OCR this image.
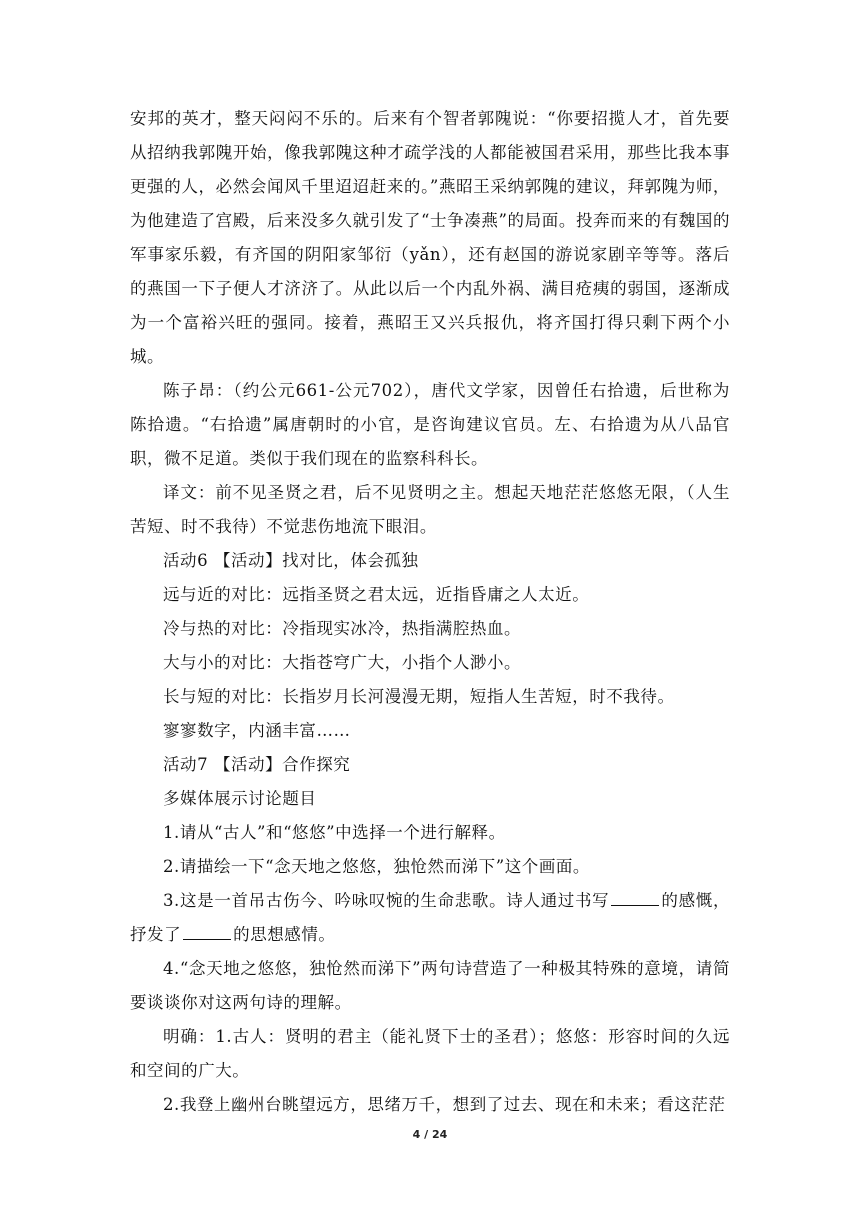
安邦的英才，整天闷闷不乐的。后来有个智者郭隗说：“你要招揽人才，首先要从招纳我郭隗开始，像我郭隗这种才疏学浅的人都能被国君采用，那些比我本事更强的人，必然会闻风千里迢迢赶来的。”燕昭王采纳郭隗的建议，拜郭隗为师，为他建造了宫殿，后来没多久就引发了“士争凑燕”的局面。投奔而来的有魏国的军事家乐毅，有齐国的阴阳家邹衍（yǎn），还有赵国的游说家剧辛等等。落后的燕国一下子便人才济济了。从此以后一个内乱外祸、满目疮痍的弱国，逐渐成为一个富裕兴旺的强同。接着，燕昭王又兴兵报仇，将齐国打得只剩下两个小城。

陈子昂：（约公元661-公元702），唐代文学家，因曾任右拾遗，后世称为陈拾遗。“右拾遗”属唐朝时的小官，是咨询建议官员。左、右拾遗为从八品官职，微不足道。类似于我们现在的监察科科长。

译文：前不见圣贤之君，后不见贤明之主。想起天地茫茫悠悠无限，（人生苦短、时不我待）不觉悲伤地流下眼泪。

活动6 【活动】找对比，体会孤独

远与近的对比：远指圣贤之君太远，近指昏庸之人太近。

冷与热的对比：冷指现实冰冷，热指满腔热血。

大与小的对比：大指苍穹广大，小指个人渺小。

长与短的对比：长指岁月长河漫漫无期，短指人生苦短，时不我待。

寥寥数字，内涵丰富……

活动7 【活动】合作探究

多媒体展示讨论题目

1.请从“古人”和“悠悠”中选择一个进行解释。

2.请描绘一下“念天地之悠悠，独怆然而涕下”这个画面。

3.这是一首吊古伤今、吟咏叹惋的生命悲歌。诗人通过书写	的感慨，抒发了	的思想感情。

4.“念天地之悠悠，独怆然而涕下”两句诗营造了一种极其特殊的意境，请简要谈谈你对这两句诗的理解。

明确：1.古人：贤明的君主（能礼贤下士的圣君）；悠悠：形容时间的久远和空间的广大。

2.我登上幽州台眺望远方，思绪万千，想到了过去、现在和未来；看这茫茫

4 / 24
